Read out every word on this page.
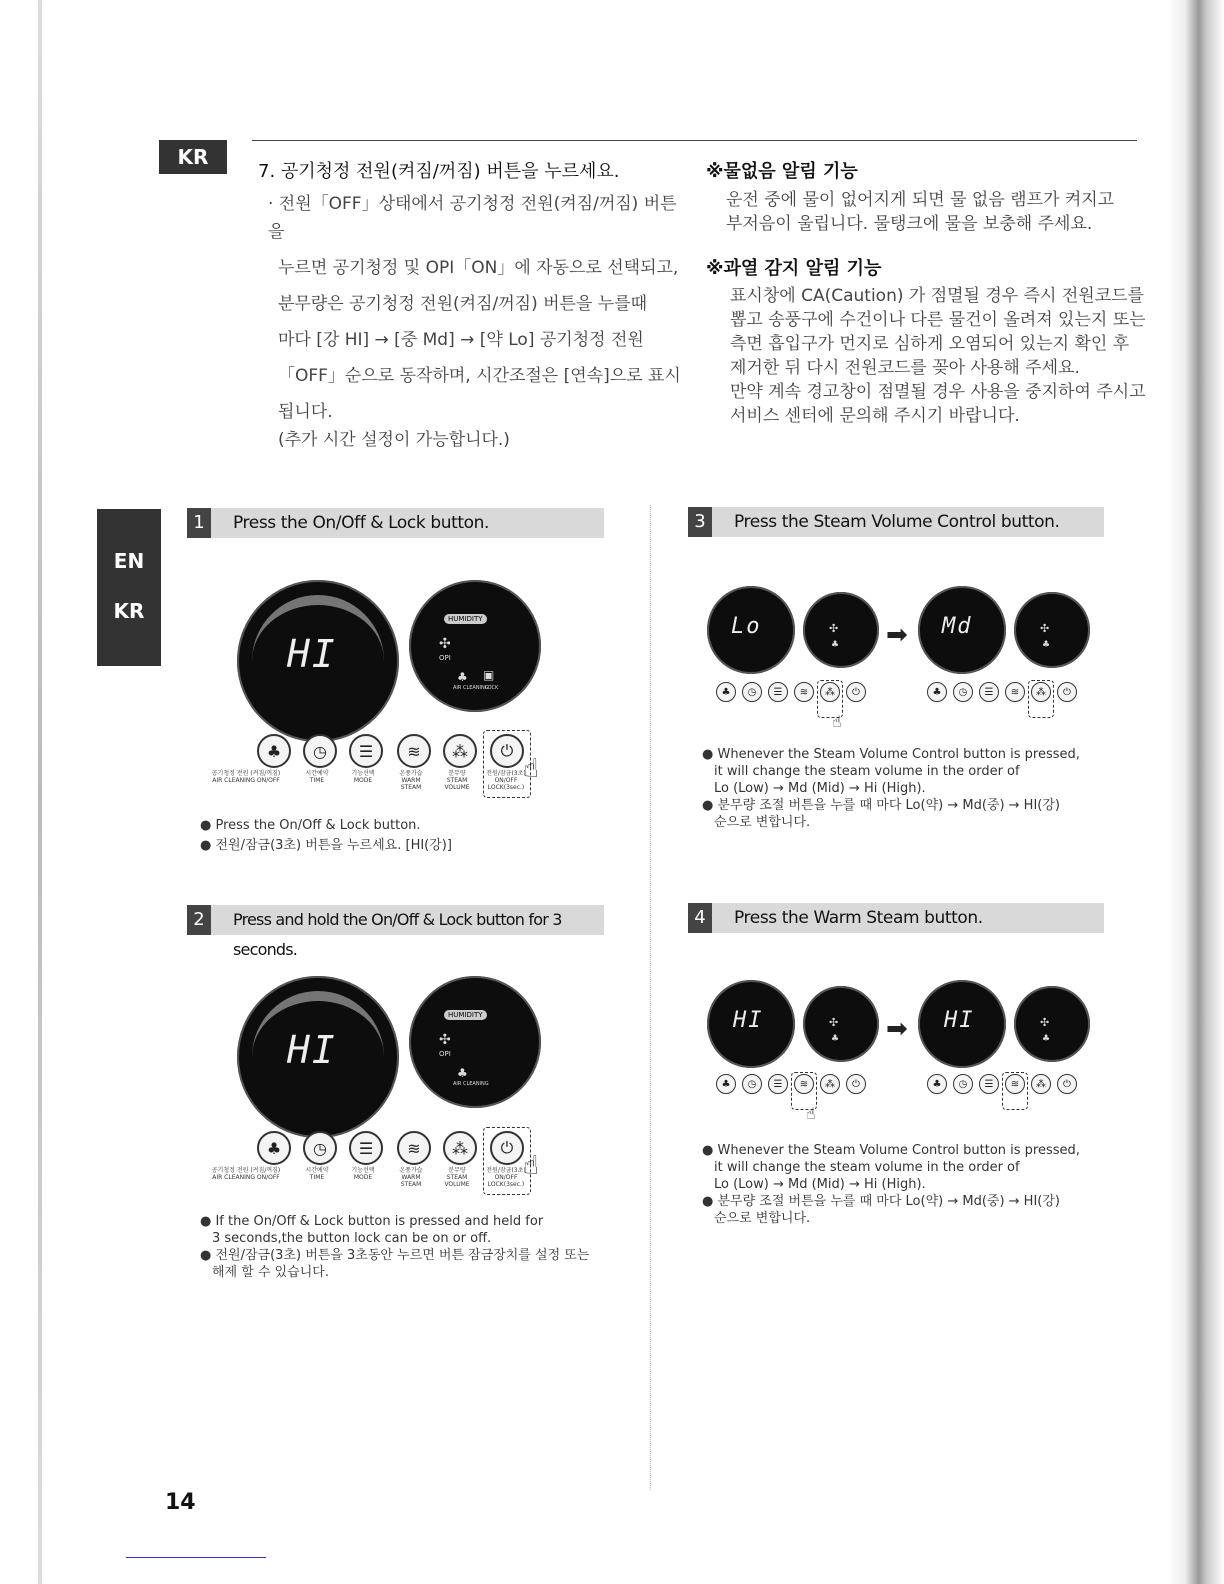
KR
7. 공기청정 전원(켜짐/꺼짐) 버튼을 누르세요.
· 전원「OFF」상태에서 공기청정 전원(켜짐/꺼짐) 버튼을
누르면 공기청정 및 OPI「ON」에 자동으로 선택되고,
분무량은 공기청정 전원(켜짐/꺼짐) 버튼을 누를때
마다 [강 HI] → [중 Md] → [약 Lo] 공기청정 전원
「OFF」순으로 동작하며, 시간조절은 [연속]으로 표시
됩니다.
(추가 시간 설정이 가능합니다.)
※물없음 알림 기능
운전 중에 물이 없어지게 되면 물 없음 램프가 켜지고
부저음이 울립니다. 물탱크에 물을 보충해 주세요.
※과열 감지 알림 기능
표시창에 CA(Caution) 가 점멸될 경우 즉시 전원코드를
뽑고 송풍구에 수건이나 다른 물건이 올려져 있는지 또는
측면 흡입구가 먼지로 심하게 오염되어 있는지 확인 후
제거한 뒤 다시 전원코드를 꽂아 사용해 주세요.
만약 계속 경고창이 점멸될 경우 사용을 중지하여 주시고
서비스 센터에 문의해 주시기 바랍니다.
EN
KR
1	Press the On/Off & Lock button.
HI
HUMIDITY
✣
OPI
♣
AIR CLEANING
▣
LOCK
♣ ◷ ☰ ≋ ⁂ ⏻
☝
공기청정 전원 (켜짐/꺼짐)
AIR CLEANING ON/OFF
시간예약
TIME
기능선택
MODE
온풍가습
WARM STEAM
분무량
STEAM VOLUME
전원/잠금(3초)
ON/OFF LOCK(3sec.)
● Press the On/Off & Lock button.
● 전원/잠금(3초) 버튼을 누르세요. [HI(강)]
2	Press and hold the On/Off & Lock button for 3 seconds.
HI
HUMIDITY
✣
OPI
♣
AIR CLEANING
♣ ◷ ☰ ≋ ⁂ ⏻
☝
공기청정 전원 (켜짐/꺼짐)
AIR CLEANING ON/OFF
시간예약
TIME
기능선택
MODE
온풍가습
WARM STEAM
분무량
STEAM VOLUME
전원/잠금(3초)
ON/OFF LOCK(3sec.)
● If the On/Off & Lock button is pressed and held for
3 seconds,the button lock can be on or off.
● 전원/잠금(3초) 버튼을 3초동안 누르면 버튼 잠금장치를 설정 또는
해제 할 수 있습니다.
3	Press the Steam Volume Control button.
Lo	✣
♣ ➡ Md	✣
♣
♣ ◷ ☰ ≋ ⁂ ⏻
☝
♣ ◷ ☰ ≋ ⁂ ⏻
● Whenever the Steam Volume Control button is pressed,
it will change the steam volume in the order of
Lo (Low) → Md (Mid) → Hi (High).
● 분무량 조절 버튼을 누를 때 마다 Lo(약) → Md(중) → HI(강)
순으로 변합니다.
4	Press the Warm Steam button.
HI	✣
♣ ➡ HI	✣
♣
♣ ◷ ☰ ≋ ⁂ ⏻
☝
♣ ◷ ☰ ≋ ⁂ ⏻
● Whenever the Steam Volume Control button is pressed,
it will change the steam volume in the order of
Lo (Low) → Md (Mid) → Hi (High).
● 분무량 조절 버튼을 누를 때 마다 Lo(약) → Md(중) → HI(강)
순으로 변합니다.
14
